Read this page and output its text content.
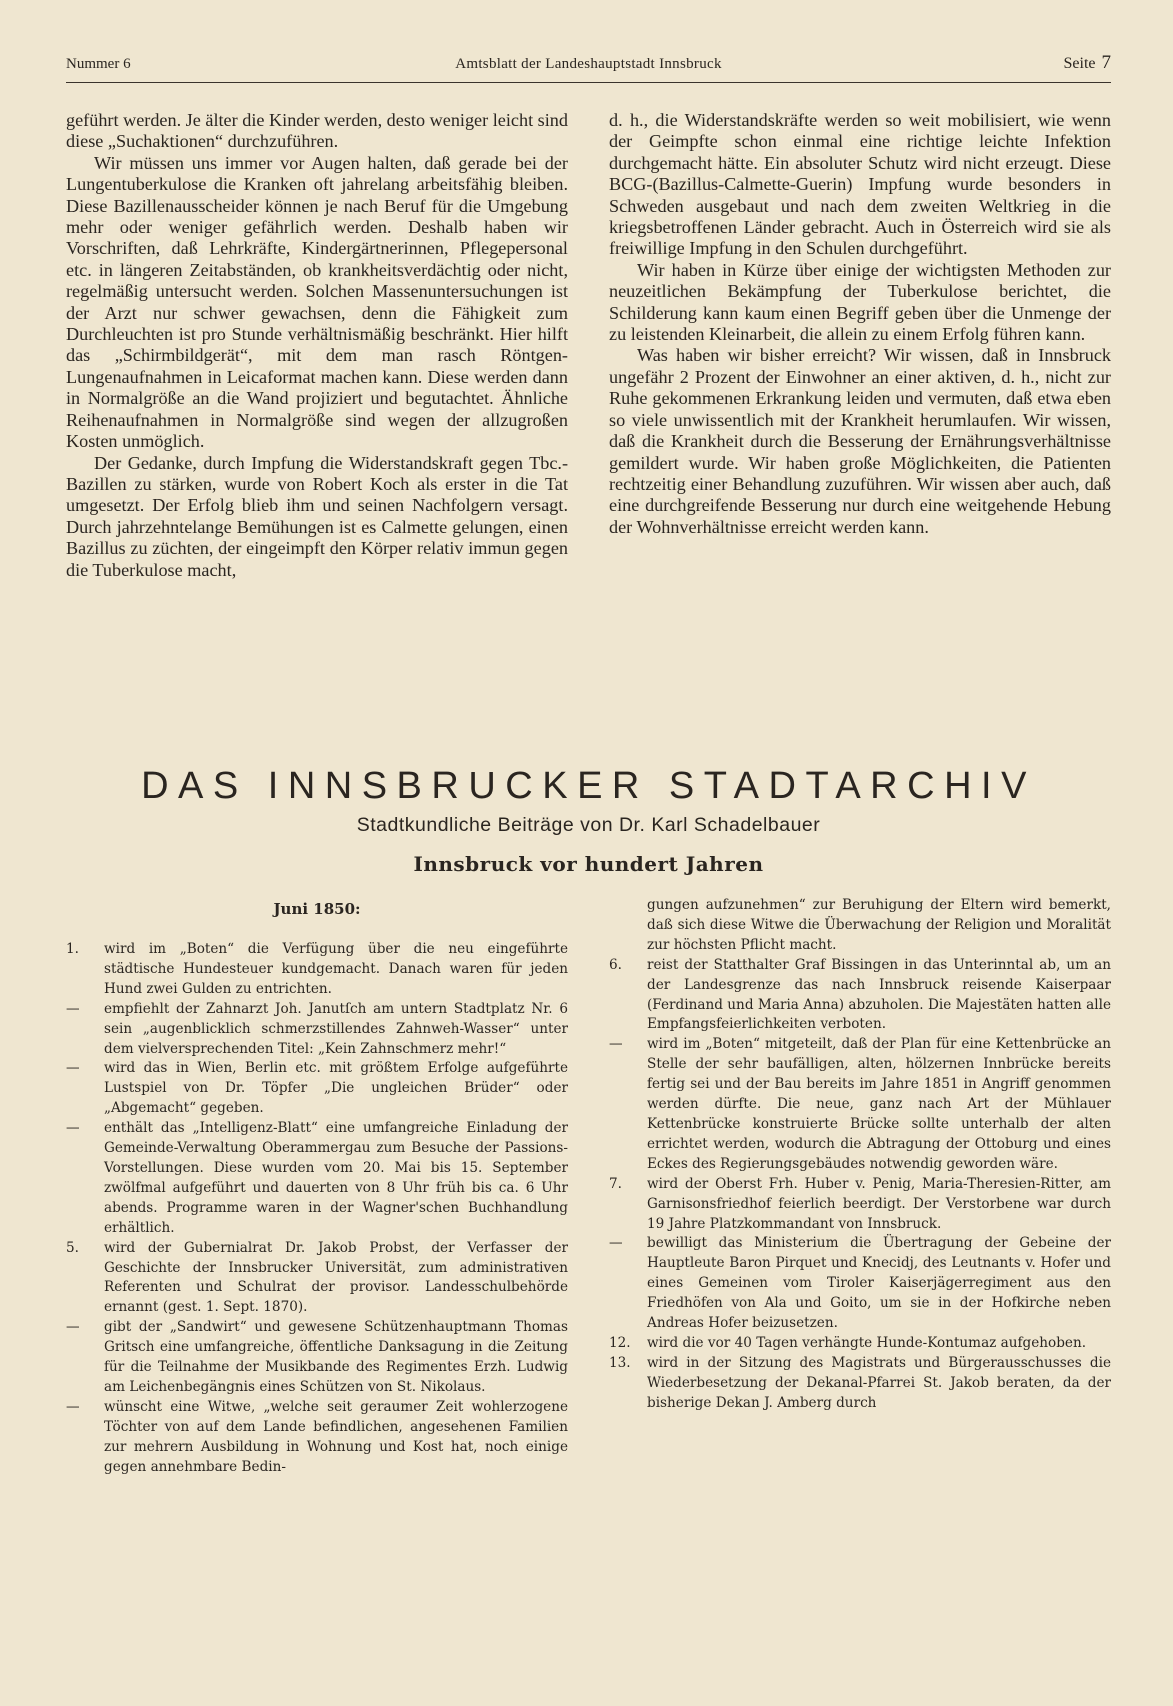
Nummer 6	Amtsblatt der Landeshauptstadt Innsbruck	Seite 7

geführt werden. Je älter die Kinder werden, desto weniger leicht sind diese „Suchaktionen“ durchzuführen.

Wir müssen uns immer vor Augen halten, daß gerade bei der Lungentuberkulose die Kranken oft jahrelang arbeitsfähig bleiben. Diese Bazillenausscheider können je nach Beruf für die Umgebung mehr oder weniger gefährlich werden. Deshalb haben wir Vorschriften, daß Lehrkräfte, Kindergärtnerinnen, Pflegepersonal etc. in längeren Zeitabständen, ob krankheitsverdächtig oder nicht, regelmäßig untersucht werden. Solchen Massenuntersuchungen ist der Arzt nur schwer gewachsen, denn die Fähigkeit zum Durchleuchten ist pro Stunde verhältnismäßig beschränkt. Hier hilft das „Schirmbildgerät“, mit dem man rasch Röntgen-Lungenaufnahmen in Leicaformat machen kann. Diese werden dann in Normalgröße an die Wand projiziert und begutachtet. Ähnliche Reihenaufnahmen in Normalgröße sind wegen der allzugroßen Kosten unmöglich.

Der Gedanke, durch Impfung die Widerstandskraft gegen Tbc.-Bazillen zu stärken, wurde von Robert Koch als erster in die Tat umgesetzt. Der Erfolg blieb ihm und seinen Nachfolgern versagt. Durch jahrzehntelange Bemühungen ist es Calmette gelungen, einen Bazillus zu züchten, der eingeimpft den Körper relativ immun gegen die Tuberkulose macht,

d. h., die Widerstandskräfte werden so weit mobilisiert, wie wenn der Geimpfte schon einmal eine richtige leichte Infektion durchgemacht hätte. Ein absoluter Schutz wird nicht erzeugt. Diese BCG-(Bazillus-Calmette-Guerin) Impfung wurde besonders in Schweden ausgebaut und nach dem zweiten Weltkrieg in die kriegsbetroffenen Länder gebracht. Auch in Österreich wird sie als freiwillige Impfung in den Schulen durchgeführt.

Wir haben in Kürze über einige der wichtigsten Methoden zur neuzeitlichen Bekämpfung der Tuberkulose berichtet, die Schilderung kann kaum einen Begriff geben über die Unmenge der zu leistenden Kleinarbeit, die allein zu einem Erfolg führen kann.

Was haben wir bisher erreicht? Wir wissen, daß in Innsbruck ungefähr 2 Prozent der Einwohner an einer aktiven, d. h., nicht zur Ruhe gekommenen Erkrankung leiden und vermuten, daß etwa eben so viele unwissentlich mit der Krankheit herumlaufen. Wir wissen, daß die Krankheit durch die Besserung der Ernährungsverhältnisse gemildert wurde. Wir haben große Möglichkeiten, die Patienten rechtzeitig einer Behandlung zuzuführen. Wir wissen aber auch, daß eine durchgreifende Besserung nur durch eine weitgehende Hebung der Wohnverhältnisse erreicht werden kann.

DAS INNSBRUCKER STADTARCHIV
Stadtkundliche Beiträge von Dr. Karl Schadelbauer
Innsbruck vor hundert Jahren
Juni 1850:
1.	wird im „Boten“ die Verfügung über die neu eingeführte städtische Hundesteuer kundgemacht. Danach waren für jeden Hund zwei Gulden zu entrichten.
—	empfiehlt der Zahnarzt Joh. Janutſch am untern Stadtplatz Nr. 6 sein „augenblicklich schmerzstillendes Zahnweh-Wasser“ unter dem vielversprechenden Titel: „Kein Zahnschmerz mehr!“
—	wird das in Wien, Berlin etc. mit größtem Erfolge aufgeführte Lustspiel von Dr. Töpfer „Die ungleichen Brüder“ oder „Abgemacht“ gegeben.
—	enthält das „Intelligenz-Blatt“ eine umfangreiche Einladung der Gemeinde-Verwaltung Oberammergau zum Besuche der Passions-Vorstellungen. Diese wurden vom 20. Mai bis 15. September zwölfmal aufgeführt und dauerten von 8 Uhr früh bis ca. 6 Uhr abends. Programme waren in der Wagner'schen Buchhandlung erhältlich.
5.	wird der Gubernialrat Dr. Jakob Probst, der Verfasser der Geschichte der Innsbrucker Universität, zum administrativen Referenten und Schulrat der provisor. Landesschulbehörde ernannt (gest. 1. Sept. 1870).
—	gibt der „Sandwirt“ und gewesene Schützenhauptmann Thomas Gritsch eine umfangreiche, öffentliche Danksagung in die Zeitung für die Teilnahme der Musikbande des Regimentes Erzh. Ludwig am Leichenbegängnis eines Schützen von St. Nikolaus.
—	wünscht eine Witwe, „welche seit geraumer Zeit wohlerzogene Töchter von auf dem Lande befindlichen, angesehenen Familien zur mehrern Ausbildung in Wohnung und Kost hat, noch einige gegen annehmbare Bedin-
gungen aufzunehmen“ zur Beruhigung der Eltern wird bemerkt, daß sich diese Witwe die Überwachung der Religion und Moralität zur höchsten Pflicht macht.
6.	reist der Statthalter Graf Bissingen in das Unterinntal ab, um an der Landesgrenze das nach Innsbruck reisende Kaiserpaar (Ferdinand und Maria Anna) abzuholen. Die Majestäten hatten alle Empfangsfeierlichkeiten verboten.
—	wird im „Boten“ mitgeteilt, daß der Plan für eine Kettenbrücke an Stelle der sehr baufälligen, alten, hölzernen Innbrücke bereits fertig sei und der Bau bereits im Jahre 1851 in Angriff genommen werden dürfte. Die neue, ganz nach Art der Mühlauer Kettenbrücke konstruierte Brücke sollte unterhalb der alten errichtet werden, wodurch die Abtragung der Ottoburg und eines Eckes des Regierungsgebäudes notwendig geworden wäre.
7.	wird der Oberst Frh. Huber v. Penig, Maria-Theresien-Ritter, am Garnisonsfriedhof feierlich beerdigt. Der Verstorbene war durch 19 Jahre Platzkommandant von Innsbruck.
—	bewilligt das Ministerium die Übertragung der Gebeine der Hauptleute Baron Pirquet und Knecidj, des Leutnants v. Hofer und eines Gemeinen vom Tiroler Kaiserjägerregiment aus den Friedhöfen von Ala und Goito, um sie in der Hofkirche neben Andreas Hofer beizusetzen.
12.	wird die vor 40 Tagen verhängte Hunde-Kontumaz aufgehoben.
13.	wird in der Sitzung des Magistrats und Bürgerausschusses die Wiederbesetzung der Dekanal-Pfarrei St. Jakob beraten, da der bisherige Dekan J. Amberg durch
